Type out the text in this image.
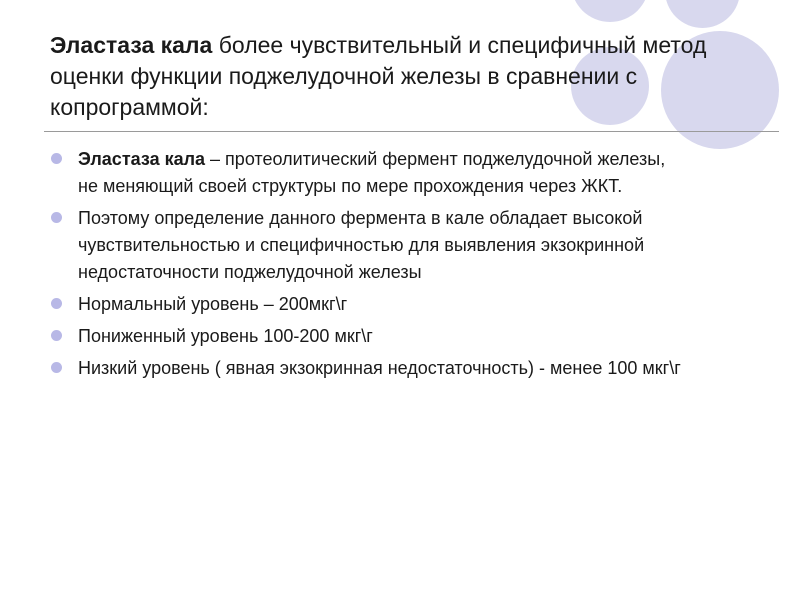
Эластаза кала более чувствительный и специфичный метод оценки функции поджелудочной железы в сравнении с копрограммой:
Эластаза кала – протеолитический фермент поджелудочной железы, не меняющий своей структуры по мере прохождения через ЖКТ.
Поэтому определение данного фермента в кале обладает высокой чувствительностью и специфичностью для выявления экзокринной недостаточности поджелудочной железы
Нормальный уровень – 200мкг\г
Пониженный уровень 100-200 мкг\г
Низкий уровень ( явная экзокринная недостаточность) - менее 100 мкг\г
